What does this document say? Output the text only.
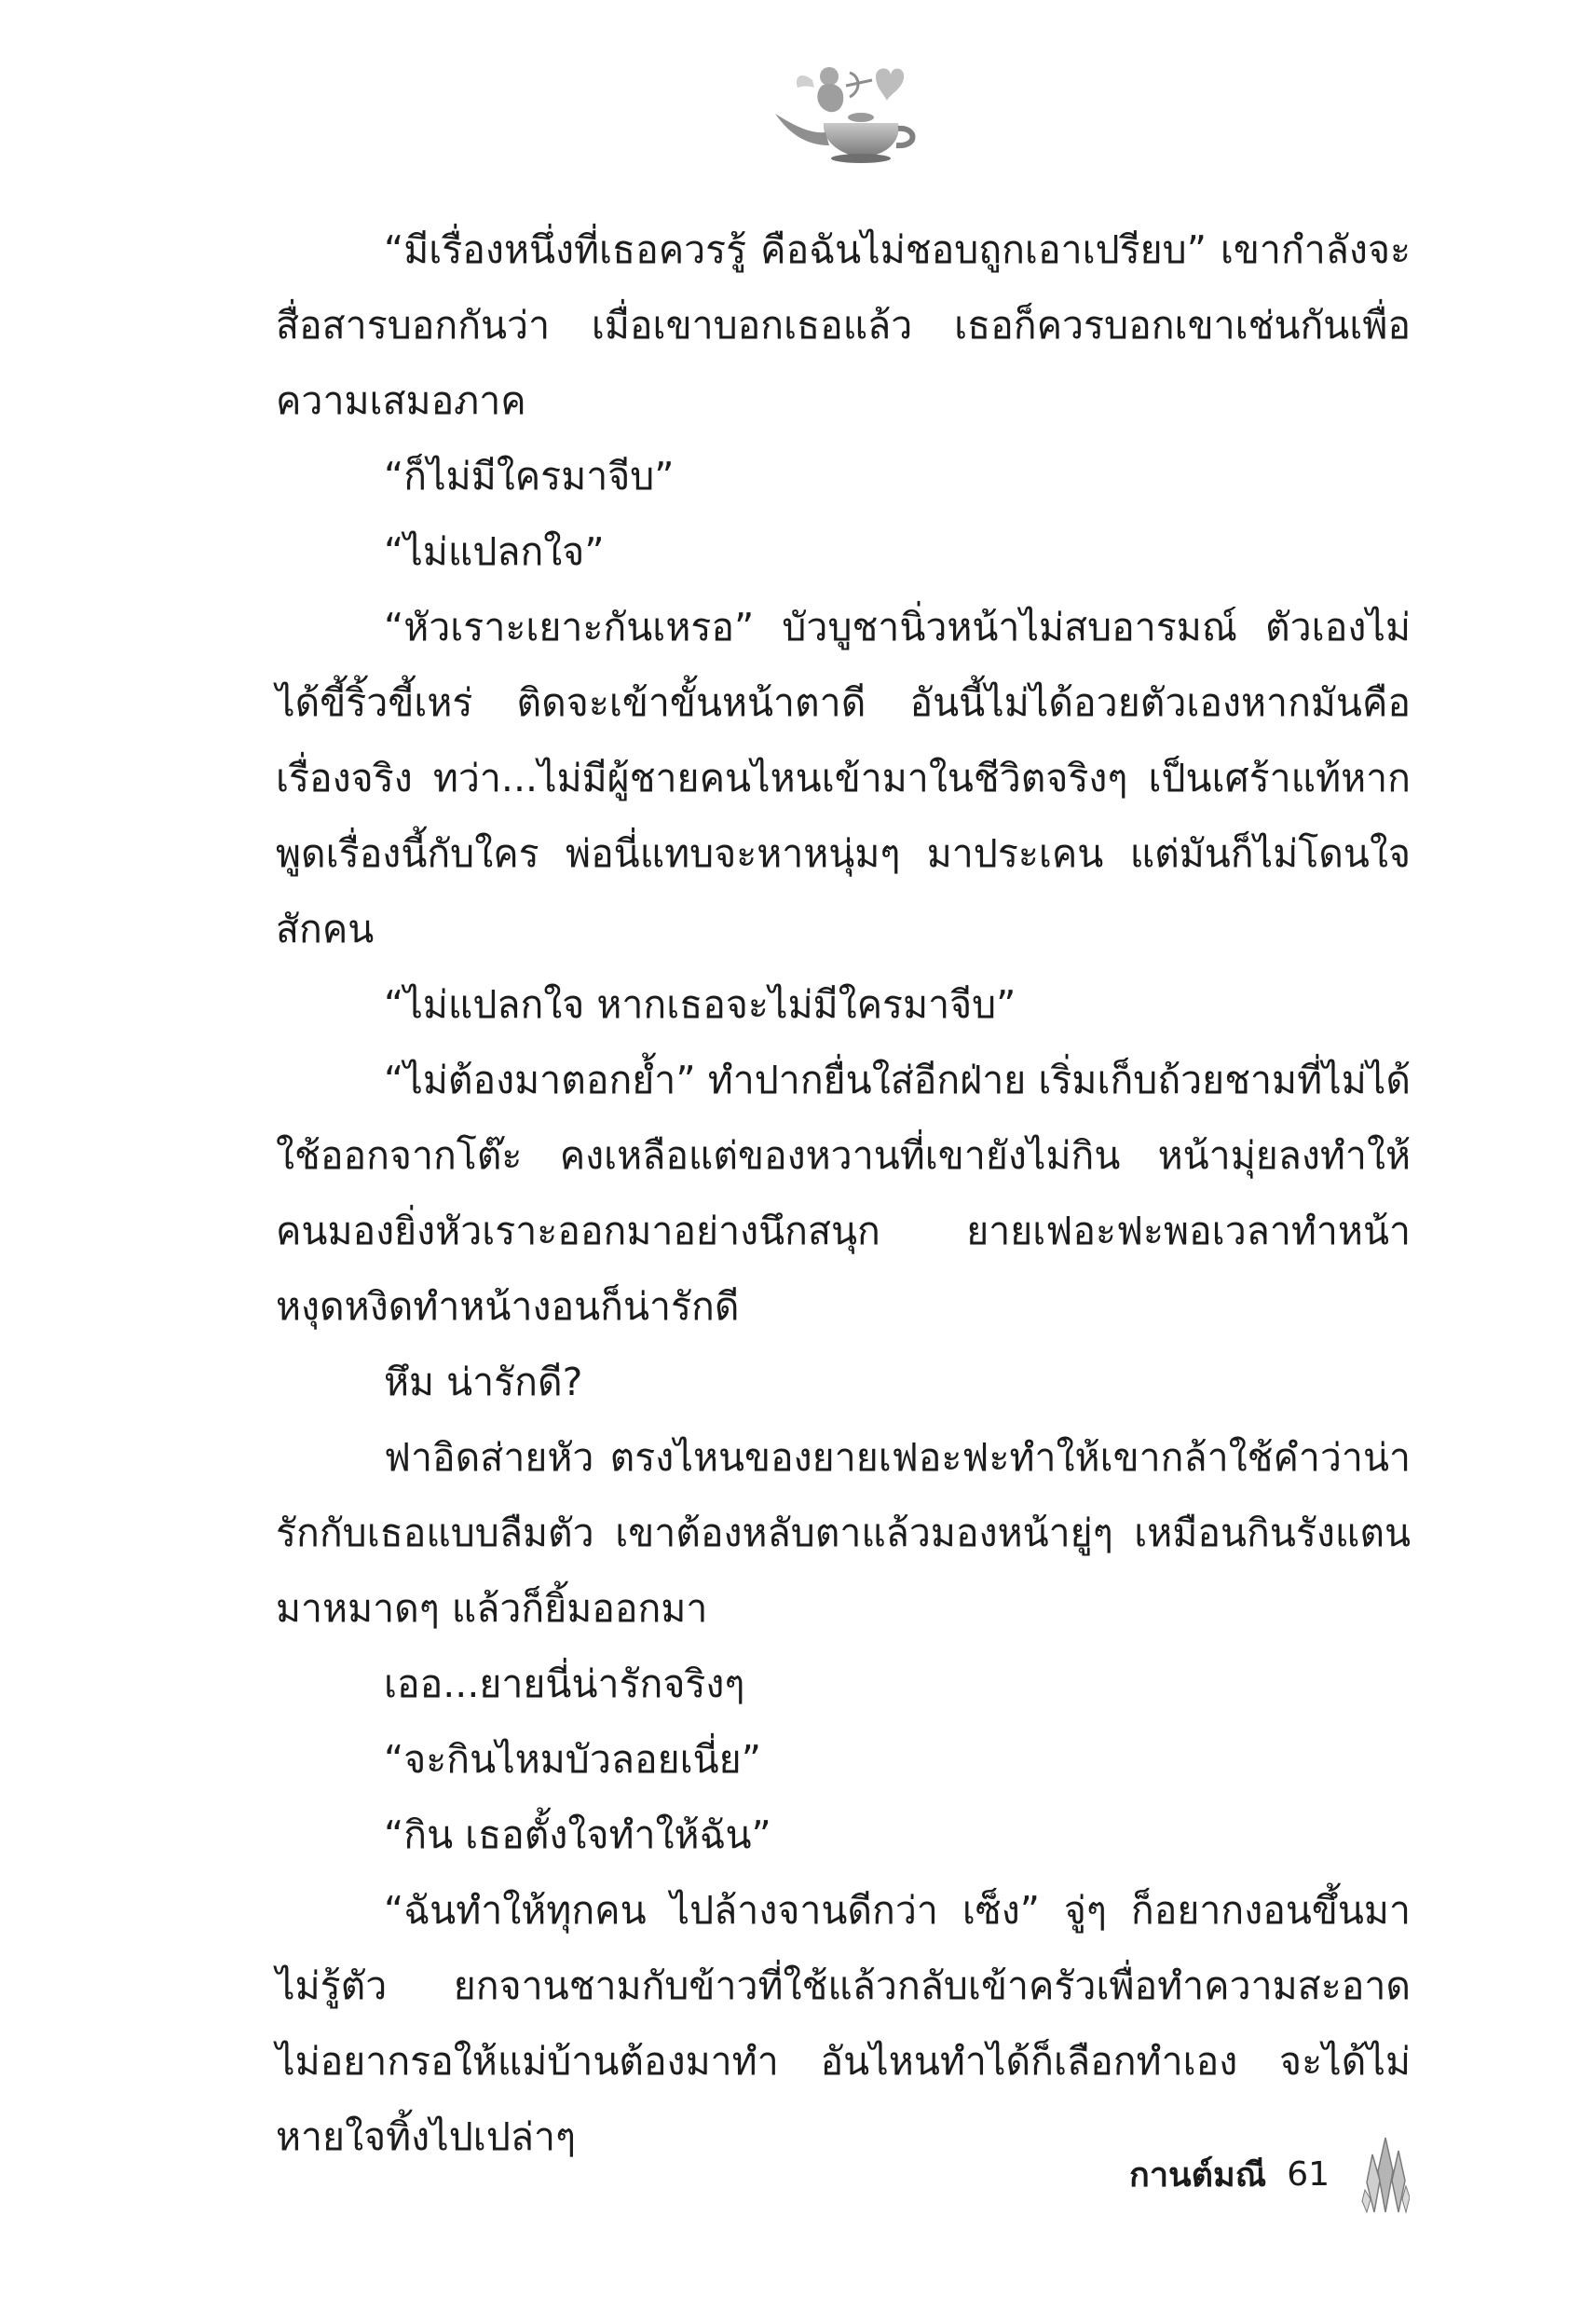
“มีเรื่องหนึ่งที่เธอควรรู้ คือฉันไม่ชอบถูกเอาเปรียบ” เขากำลังจะสื่อสารบอกกันว่า เมื่อเขาบอกเธอแล้ว เธอก็ควรบอกเขาเช่นกันเพื่อความเสมอภาค

“ก็ไม่มีใครมาจีบ”

“ไม่แปลกใจ”

“หัวเราะเยาะกันเหรอ” บัวบูชานิ่วหน้าไม่สบอารมณ์ ตัวเองไม่ได้ขี้ริ้วขี้เหร่ ติดจะเข้าขั้นหน้าตาดี อันนี้ไม่ได้อวยตัวเองหากมันคือเรื่องจริง ทว่า...ไม่มีผู้ชายคนไหนเข้ามาในชีวิตจริงๆ เป็นเศร้าแท้หากพูดเรื่องนี้กับใคร พ่อนี่แทบจะหาหนุ่มๆ มาประเคน แต่มันก็ไม่โดนใจสักคน

“ไม่แปลกใจ หากเธอจะไม่มีใครมาจีบ”

“ไม่ต้องมาตอกย้ำ” ทำปากยื่นใส่อีกฝ่าย เริ่มเก็บถ้วยชามที่ไม่ได้ใช้ออกจากโต๊ะ คงเหลือแต่ของหวานที่เขายังไม่กิน หน้ามุ่ยลงทำให้คนมองยิ่งหัวเราะออกมาอย่างนึกสนุก ยายเฟอะฟะพอเวลาทำหน้าหงุดหงิดทำหน้างอนก็น่ารักดี

หึม น่ารักดี?

ฟาอิดส่ายหัว ตรงไหนของยายเฟอะฟะทำให้เขากล้าใช้คำว่าน่ารักกับเธอแบบลืมตัว เขาต้องหลับตาแล้วมองหน้ายู่ๆ เหมือนกินรังแตนมาหมาดๆ แล้วก็ยิ้มออกมา

เออ...ยายนี่น่ารักจริงๆ

“จะกินไหมบัวลอยเนี่ย”

“กิน เธอตั้งใจทำให้ฉัน”

“ฉันทำให้ทุกคน ไปล้างจานดีกว่า เซ็ง” จู่ๆ ก็อยากงอนขึ้นมาไม่รู้ตัว ยกจานชามกับข้าวที่ใช้แล้วกลับเข้าครัวเพื่อทำความสะอาด ไม่อยากรอให้แม่บ้านต้องมาทำ อันไหนทำได้ก็เลือกทำเอง จะได้ไม่หายใจทิ้งไปเปล่าๆ

กานต์มณี 61
